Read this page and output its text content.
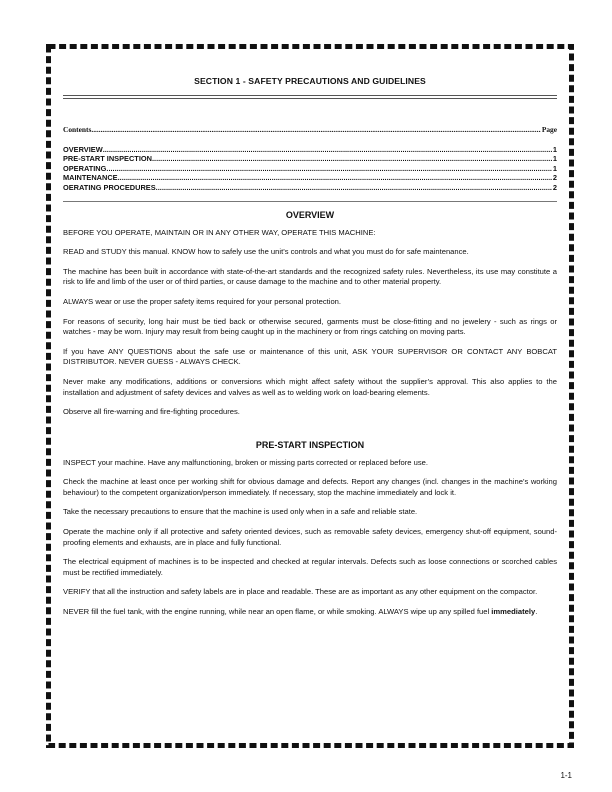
SECTION 1 - SAFETY PRECAUTIONS AND GUIDELINES
Contents .....	Page
OVERVIEW .....	1
PRE-START INSPECTION .....	1
OPERATING .....	1
MAINTENANCE .....	2
OERATING PROCEDURES .....	2
OVERVIEW

BEFORE YOU OPERATE, MAINTAIN OR IN ANY OTHER WAY, OPERATE THIS MACHINE:

READ and STUDY this manual. KNOW how to safely use the unit’s controls and what you must do for safe maintenance.

The machine has been built in accordance with state-of-the-art standards and the recognized safety rules. Nevertheless, its use may constitute a risk to life and limb of the user or of third parties, or cause damage to the machine and to other material property.

ALWAYS wear or use the proper safety items required for your personal protection.

For reasons of security, long hair must be tied back or otherwise secured, garments must be close-fitting and no jewelery - such as rings or watches - may be worn. Injury may result from being caught up in the machinery or from rings catching on moving parts.

If you have ANY QUESTIONS about the safe use or maintenance of this unit, ASK YOUR SUPERVISOR OR CONTACT ANY BOBCAT DISTRIBUTOR. NEVER GUESS - ALWAYS CHECK.

Never make any modifications, additions or conversions which might affect safety without the supplier’s approval. This also applies to the installation and adjustment of safety devices and valves as well as to welding work on load-bearing elements.

Observe all fire-warning and fire-fighting procedures.

PRE-START INSPECTION

INSPECT your machine. Have any malfunctioning, broken or missing parts corrected or replaced before use.

Check the machine at least once per working shift for obvious damage and defects. Report any changes (incl. changes in the machine’s working behaviour) to the competent organization/person immediately. If necessary, stop the machine immediately and lock it.

Take the necessary precautions to ensure that the machine is used only when in a safe and reliable state.

Operate the machine only if all protective and safety oriented devices, such as removable safety devices, emergency shut-off equipment, sound-proofing elements and exhausts, are in place and fully functional.

The electrical equipment of machines is to be inspected and checked at regular intervals. Defects such as loose connections or scorched cables must be rectified immediately.

VERIFY that all the instruction and safety labels are in place and readable. These are as important as any other equipment on the compactor.

NEVER fill the fuel tank, with the engine running, while near an open flame, or while smoking. ALWAYS wipe up any spilled fuel immediately.

1-1
